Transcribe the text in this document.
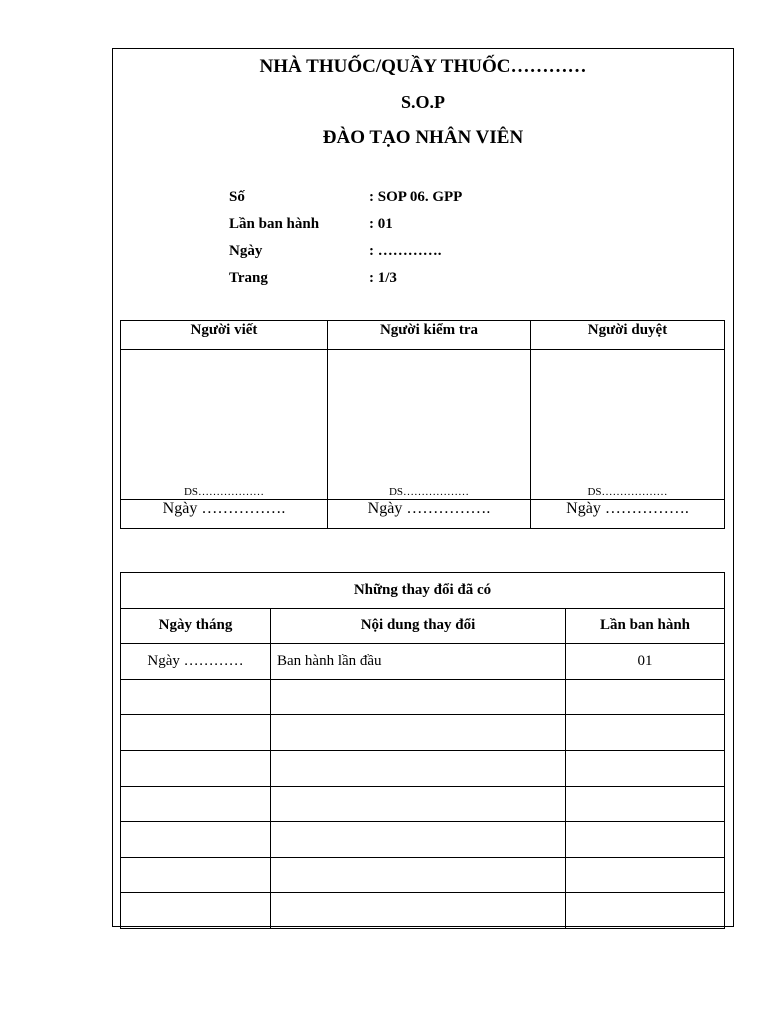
NHÀ THUỐC/QUẦY THUỐC…………
S.O.P
ĐÀO TẠO NHÂN VIÊN
Số	: SOP 06. GPP
Lần ban hành	: 01
Ngày	: ………….
Trang	: 1/3
Người viết	Người kiểm tra	Người duyệt

DS………………	DS………………	DS………………

Ngày …………….	Ngày …………….	Ngày …………….
Những thay đổi đã có		
Ngày tháng	Nội dung thay đổi	Lần ban hành
Ngày …………	Ban hành lần đầu	01
